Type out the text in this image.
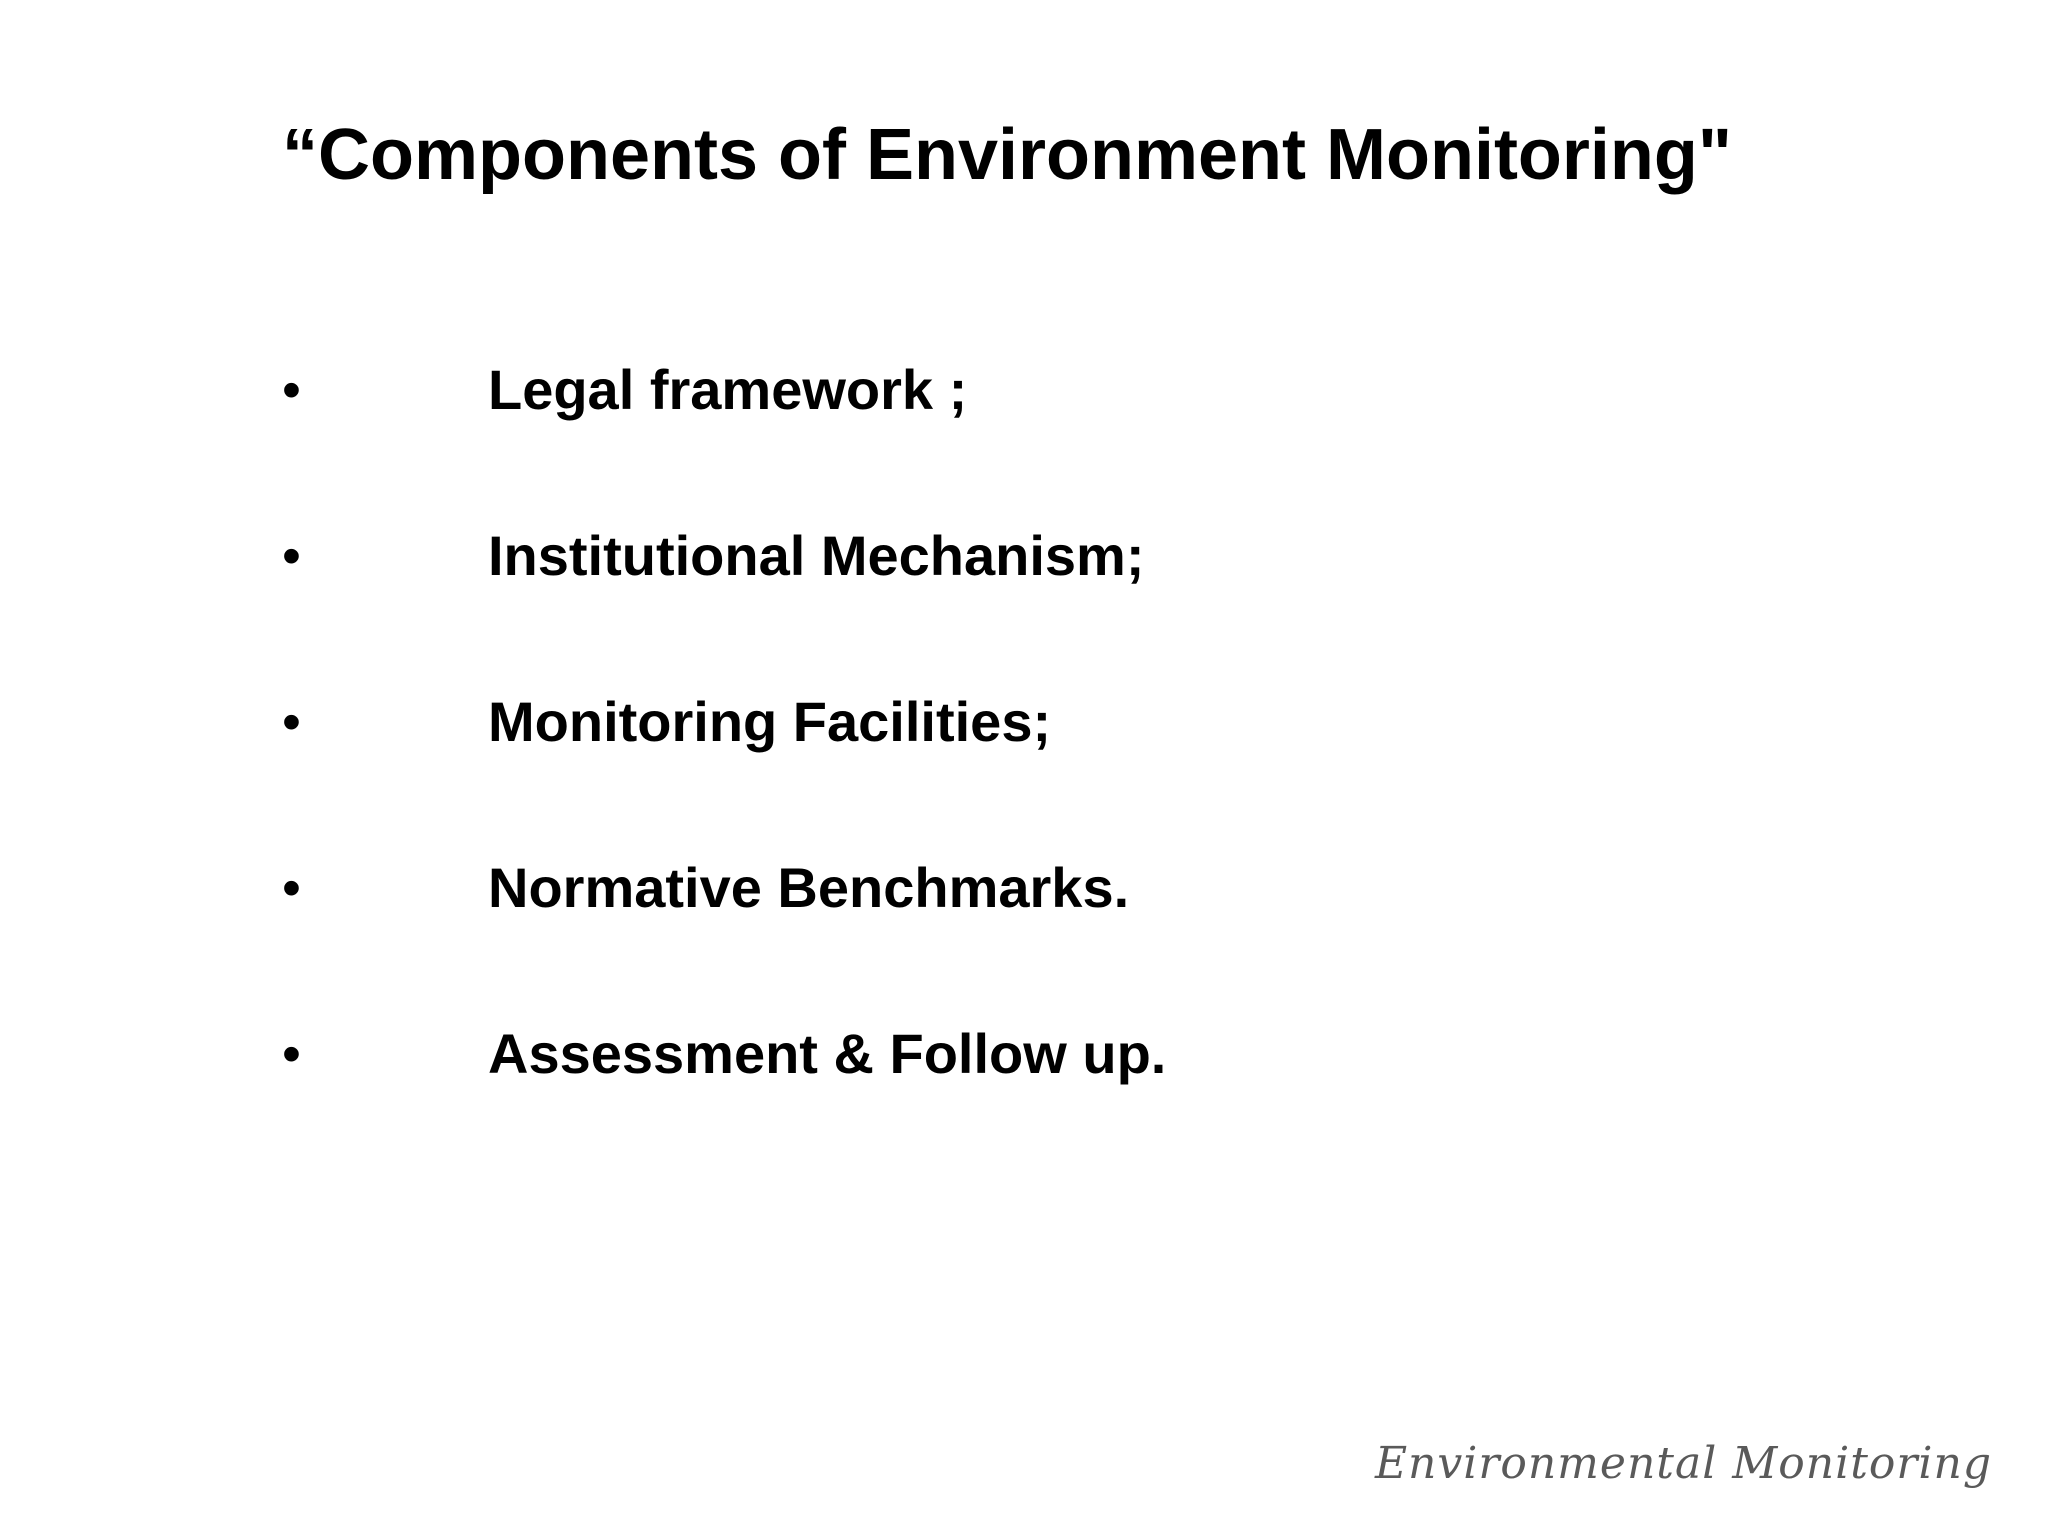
“Components of Environment Monitoring"
•	Legal framework ;
•	Institutional Mechanism;
•	Monitoring Facilities;
•	Normative Benchmarks.
•	Assessment & Follow up.
Environmental Monitoring
